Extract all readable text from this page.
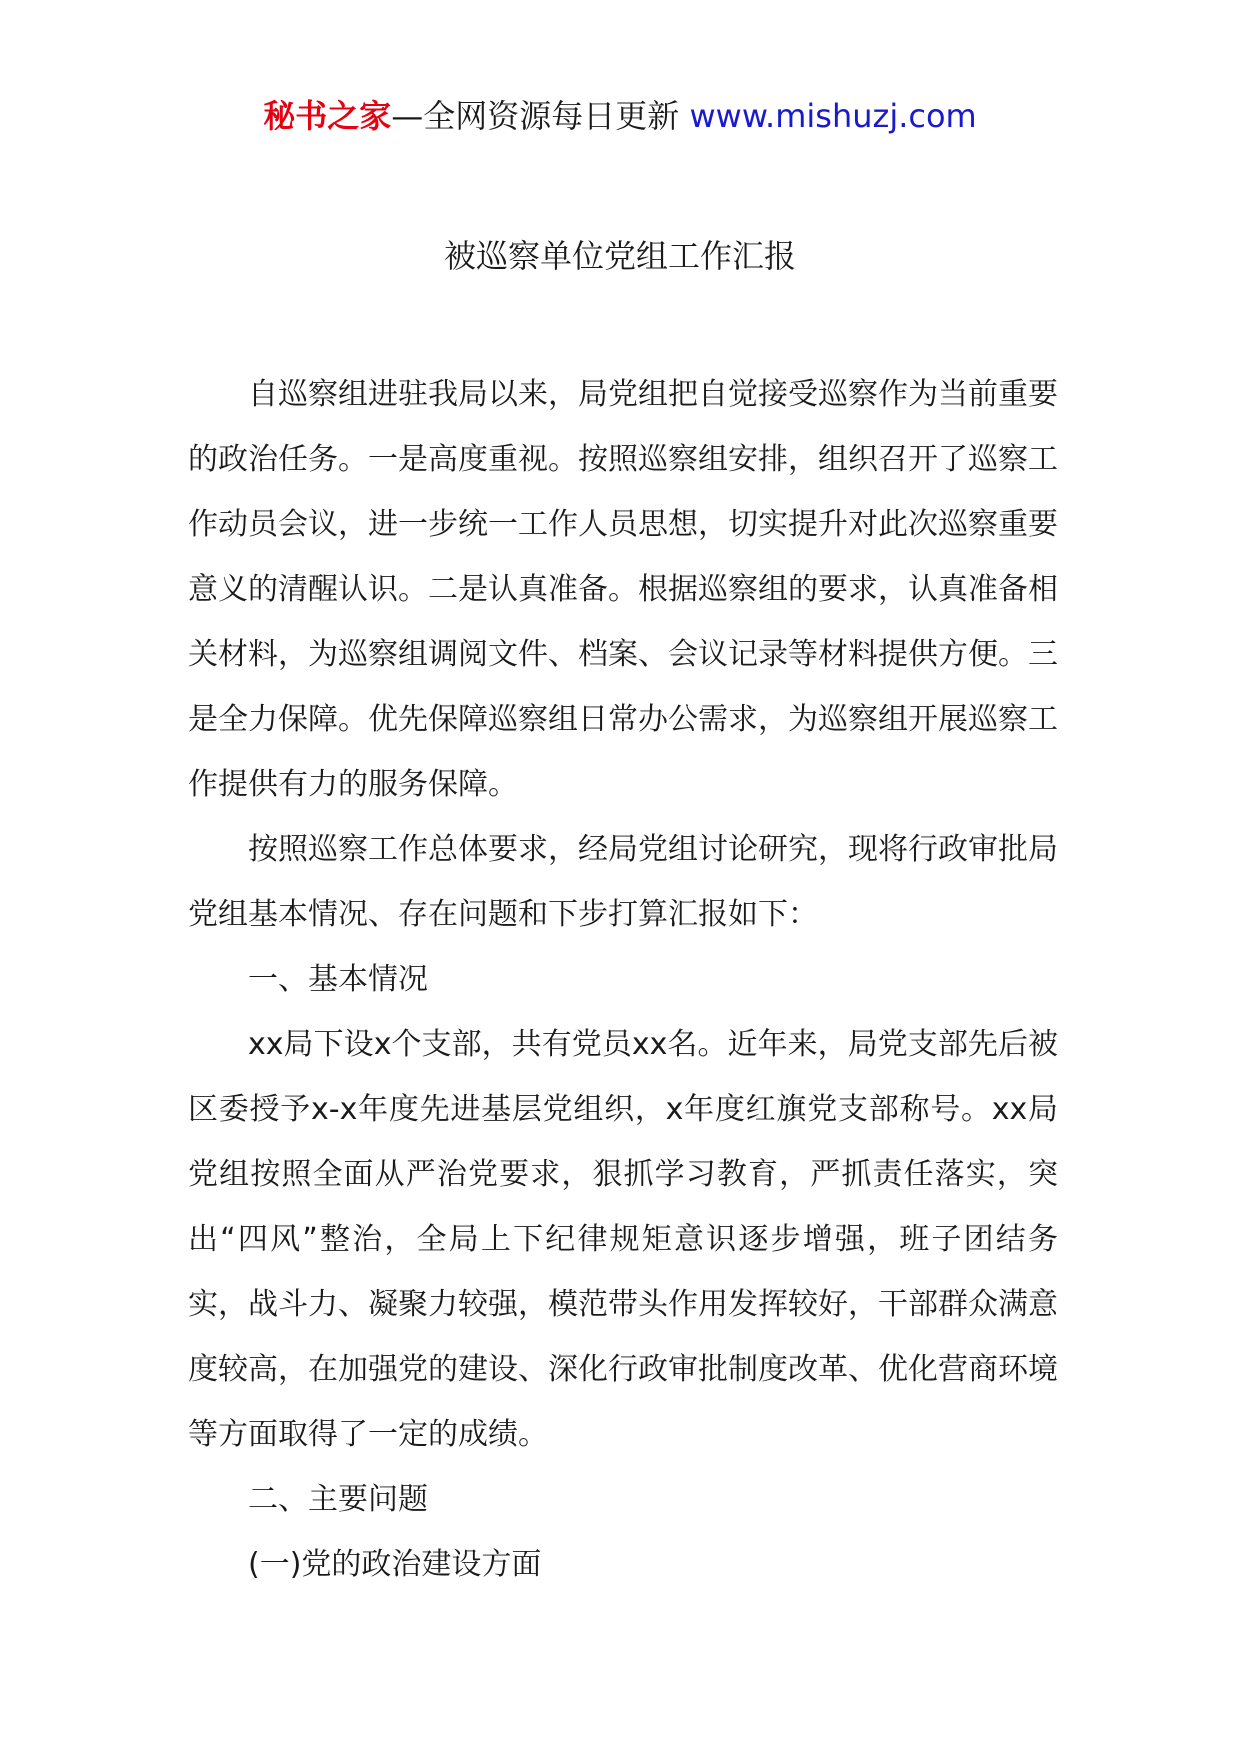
秘书之家—全网资源每日更新 www.mishuzj.com
被巡察单位党组工作汇报

自巡察组进驻我局以来，局党组把自觉接受巡察作为当前重要的政治任务。一是高度重视。按照巡察组安排，组织召开了巡察工作动员会议，进一步统一工作人员思想，切实提升对此次巡察重要意义的清醒认识。二是认真准备。根据巡察组的要求，认真准备相关材料，为巡察组调阅文件、档案、会议记录等材料提供方便。三是全力保障。优先保障巡察组日常办公需求，为巡察组开展巡察工作提供有力的服务保障。

按照巡察工作总体要求，经局党组讨论研究，现将行政审批局党组基本情况、存在问题和下步打算汇报如下：

一、基本情况

xx局下设x个支部，共有党员xx名。近年来，局党支部先后被区委授予x-x年度先进基层党组织，x年度红旗党支部称号。xx局党组按照全面从严治党要求，狠抓学习教育，严抓责任落实，突出“四风”整治，全局上下纪律规矩意识逐步增强，班子团结务实，战斗力、凝聚力较强，模范带头作用发挥较好，干部群众满意度较高，在加强党的建设、深化行政审批制度改革、优化营商环境等方面取得了一定的成绩。

二、主要问题

(一)党的政治建设方面
